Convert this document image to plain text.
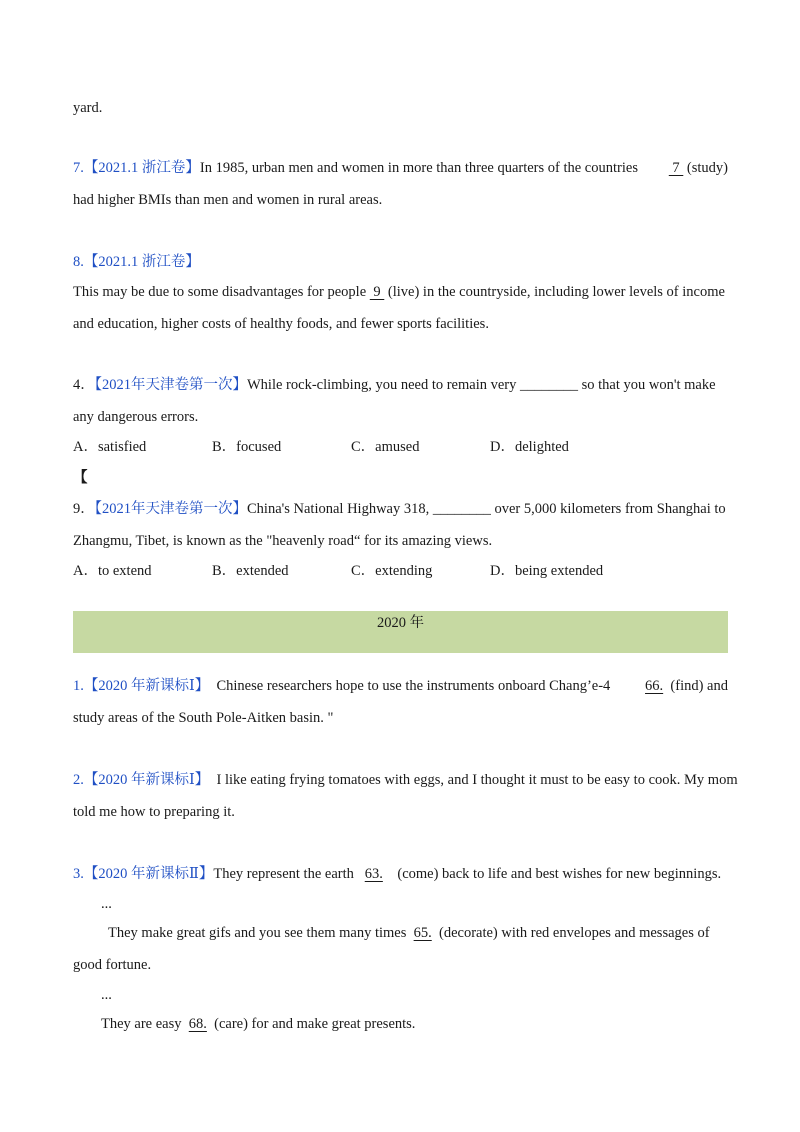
yard.
7.【2021.1 浙江卷】In 1985, urban men and women in more than three quarters of the countries 7  (study)
had higher BMIs than men and women in rural areas.
8.【2021.1 浙江卷】
This may be due to some disadvantages for people  9  (live) in the countryside, including lower levels of income
and education, higher costs of healthy foods, and fewer sports facilities.
4．【2021年天津卷第一次】While rock-climbing, you need to remain very ________ so that you won't make
any dangerous errors.
A．satisfied	B．focused	C．amused	D．delighted
【
9．【2021年天津卷第一次】China's National Highway 318, ________ over 5,000 kilometers from Shanghai to
Zhangmu, Tibet, is known as the "heavenly road“ for its amazing views.
A．to extend	B．extended	C．extending	D．being extended
2020 年
1.【2020 年新课标Ⅰ】 Chinese researchers hope to use the instruments onboard Chang’e-4 66. (find) and
study areas of the South Pole-Aitken basin. "
2.【2020 年新课标Ⅰ】 I like eating frying tomatoes with eggs, and I thought it must to be easy to cook. My mom
told me how to preparing it.
3.【2020 年新课标Ⅱ】They represent the earth 63. (come) back to life and best wishes for new beginnings.
...
They make great gifs and you see them many times 65. (decorate) with red envelopes and messages of
good fortune.
...
They are easy 68. (care) for and make great presents.
